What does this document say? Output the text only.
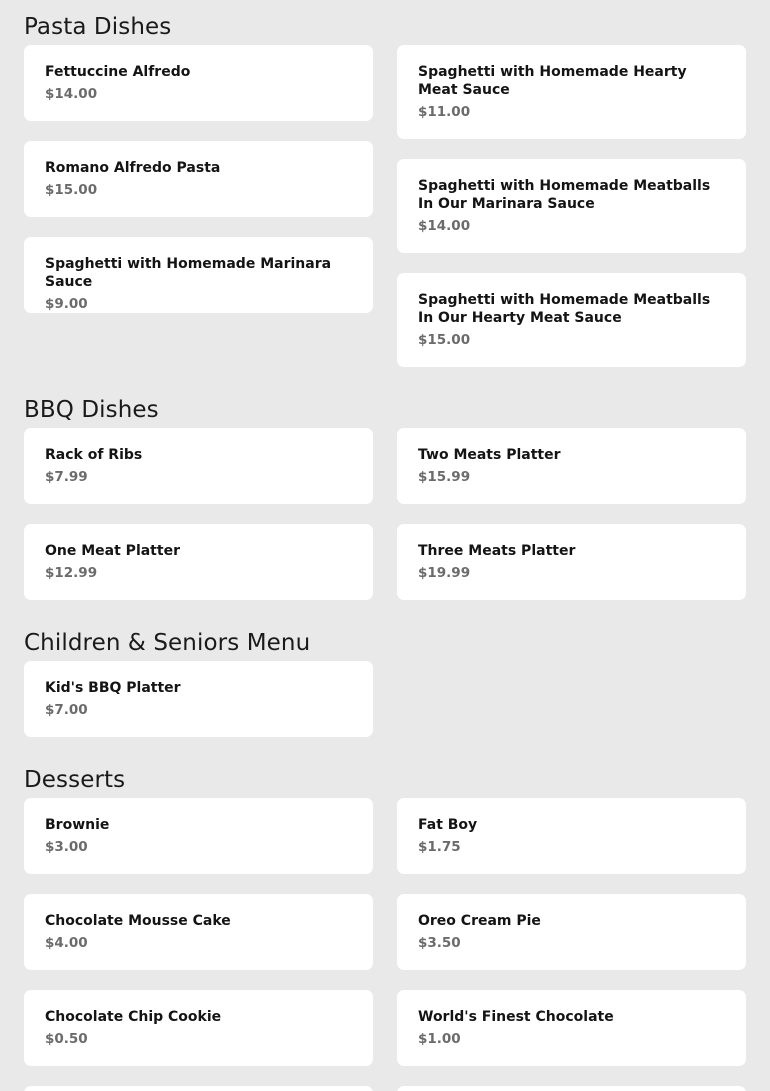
Pasta Dishes
Fettuccine Alfredo
$14.00
Spaghetti with Homemade Hearty Meat Sauce
$11.00
Romano Alfredo Pasta
$15.00	Spaghetti with Homemade Meatballs In Our Marinara Sauce
$14.00
Spaghetti with Homemade Marinara Sauce
$9.00	Spaghetti with Homemade Meatballs In Our Hearty Meat Sauce
$15.00
BBQ Dishes
Rack of Ribs
$7.99
Two Meats Platter
$15.99
One Meat Platter
$12.99
Three Meats Platter
$19.99
Children & Seniors Menu
Kid's BBQ Platter
$7.00
Desserts
Brownie
$3.00
Fat Boy
$1.75
Chocolate Mousse Cake
$4.00
Oreo Cream Pie
$3.50
Chocolate Chip Cookie
$0.50
World's Finest Chocolate
$1.00
